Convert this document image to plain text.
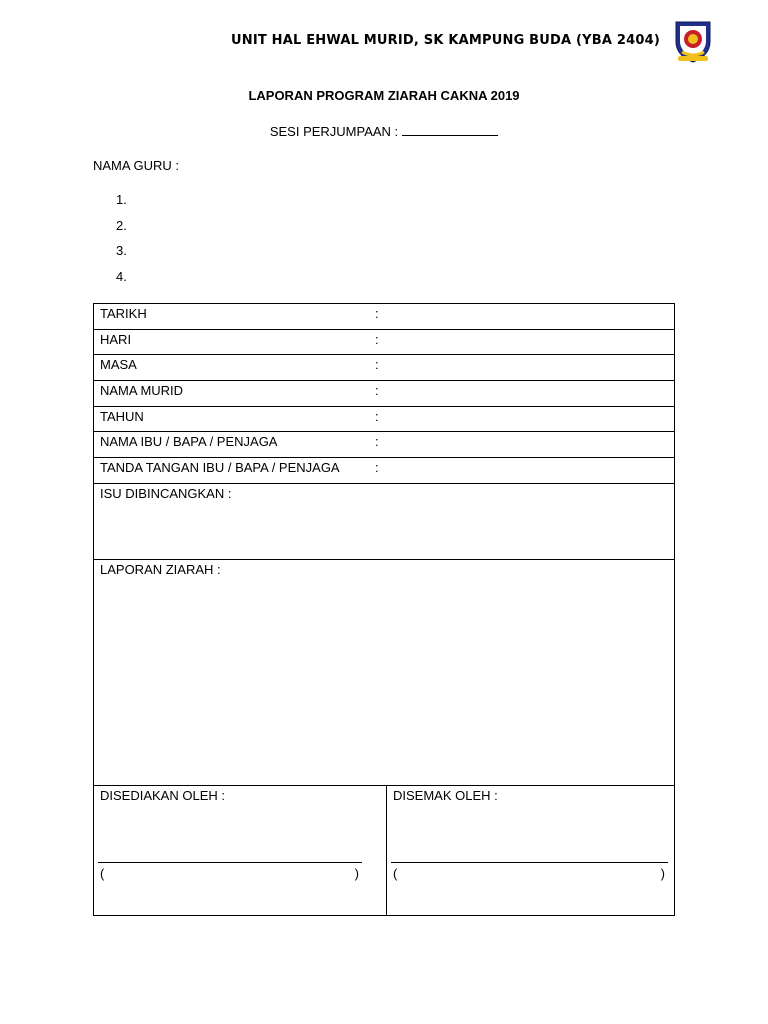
UNIT HAL EHWAL MURID, SK KAMPUNG BUDA (YBA 2404)
LAPORAN PROGRAM ZIARAH CAKNA 2019
SESI PERJUMPAAN :
NAMA GURU :
1.
2.
3.
4.
TARIKH	:
HARI	:
MASA	:
NAMA MURID	:
TAHUN	:
NAMA IBU / BAPA / PENJAGA	:
TANDA TANGAN IBU / BAPA / PENJAGA	:
ISU DIBINCANGKAN :
LAPORAN ZIARAH :
DISEDIAKAN OLEH :
(	)
DISEMAK OLEH :
(	)
